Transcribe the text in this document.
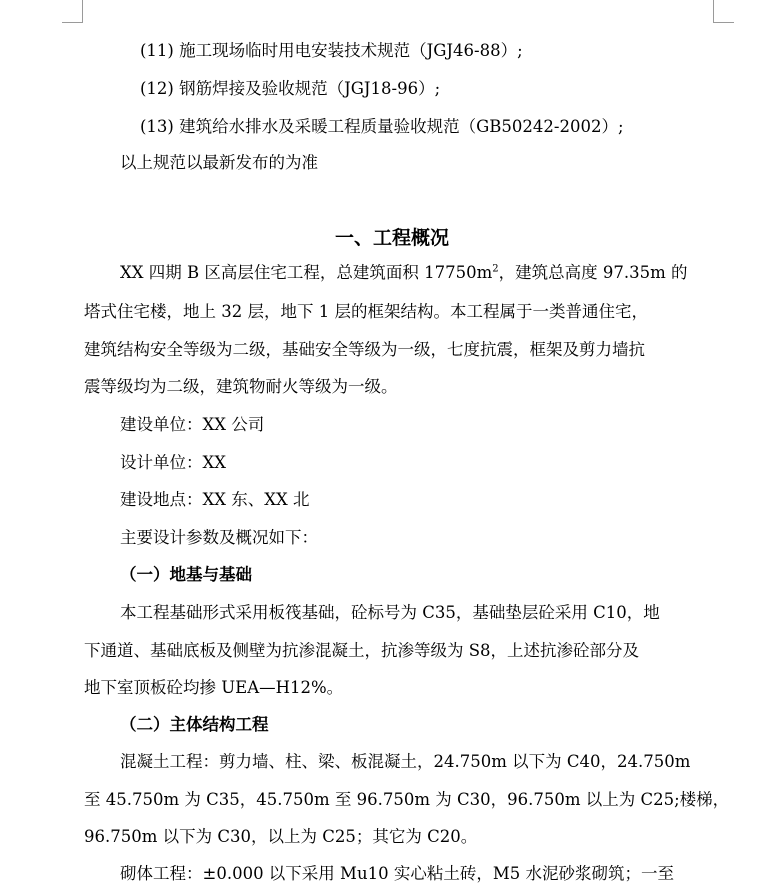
(11) 施工现场临时用电安装技术规范（JGJ46-88）;
(12) 钢筋焊接及验收规范（JGJ18-96）;
(13) 建筑给水排水及采暖工程质量验收规范（GB50242-2002）;
以上规范以最新发布的为准
一、工程概况
XX 四期 B 区高层住宅工程，总建筑面积 $17750m^2$，建筑总高度 97.35m 的
塔式住宅楼，地上 32 层，地下 1 层的框架结构。本工程属于一类普通住宅，
建筑结构安全等级为二级，基础安全等级为一级，七度抗震，框架及剪力墙抗
震等级均为二级，建筑物耐火等级为一级。
建设单位：XX 公司
设计单位：XX
建设地点：XX 东、XX 北
主要设计参数及概况如下：
（一）地基与基础
本工程基础形式采用板筏基础，砼标号为 C35，基础垫层砼采用 C10，地
下通道、基础底板及侧壁为抗渗混凝土，抗渗等级为 S8，上述抗渗砼部分及
地下室顶板砼均掺 UEA—H12%。
（二）主体结构工程
混凝土工程：剪力墙、柱、梁、板混凝土，24.750m 以下为 C40，24.750m
至 45.750m 为 C35，45.750m 至 96.750m 为 C30，96.750m 以上为 C25;楼梯，
96.750m 以下为 C30，以上为 C25；其它为 C20。
砌体工程：±0.000 以下采用 Mu10 实心粘土砖，M5 水泥砂浆砌筑；一至
